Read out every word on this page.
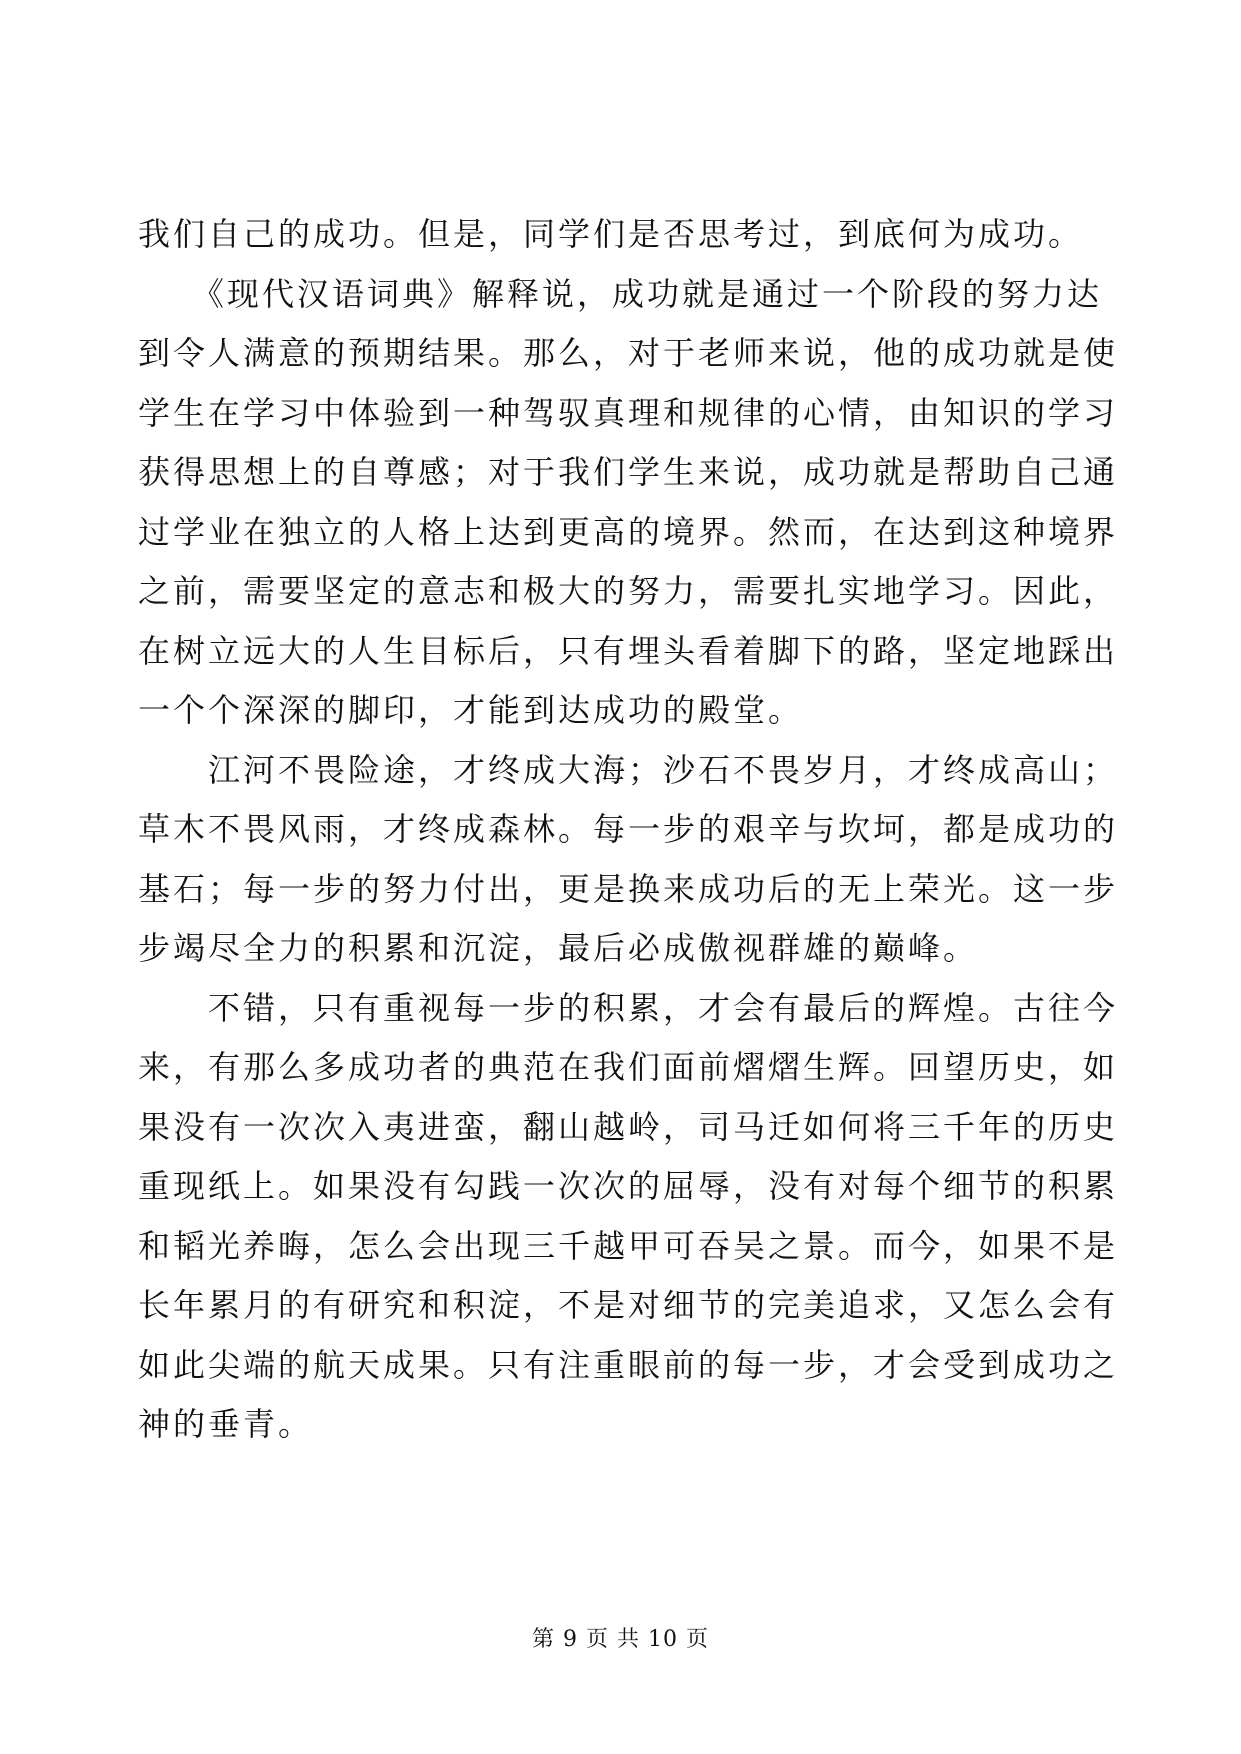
我们自己的成功。但是，同学们是否思考过，到底何为成功。
　　《现代汉语词典》解释说，成功就是通过一个阶段的努力达
到令人满意的预期结果。那么，对于老师来说，他的成功就是使
学生在学习中体验到一种驾驭真理和规律的心情，由知识的学习
获得思想上的自尊感；对于我们学生来说，成功就是帮助自己通
过学业在独立的人格上达到更高的境界。然而，在达到这种境界
之前，需要坚定的意志和极大的努力，需要扎实地学习。因此，
在树立远大的人生目标后，只有埋头看着脚下的路，坚定地踩出
一个个深深的脚印，才能到达成功的殿堂。
　　江河不畏险途，才终成大海；沙石不畏岁月，才终成高山；
草木不畏风雨，才终成森林。每一步的艰辛与坎坷，都是成功的
基石；每一步的努力付出，更是换来成功后的无上荣光。这一步
步竭尽全力的积累和沉淀，最后必成傲视群雄的巅峰。
　　不错，只有重视每一步的积累，才会有最后的辉煌。古往今
来，有那么多成功者的典范在我们面前熠熠生辉。回望历史，如
果没有一次次入夷进蛮，翻山越岭，司马迁如何将三千年的历史
重现纸上。如果没有勾践一次次的屈辱，没有对每个细节的积累
和韬光养晦，怎么会出现三千越甲可吞吴之景。而今，如果不是
长年累月的有研究和积淀，不是对细节的完美追求，又怎么会有
如此尖端的航天成果。只有注重眼前的每一步，才会受到成功之
神的垂青。
第 9 页 共 10 页
